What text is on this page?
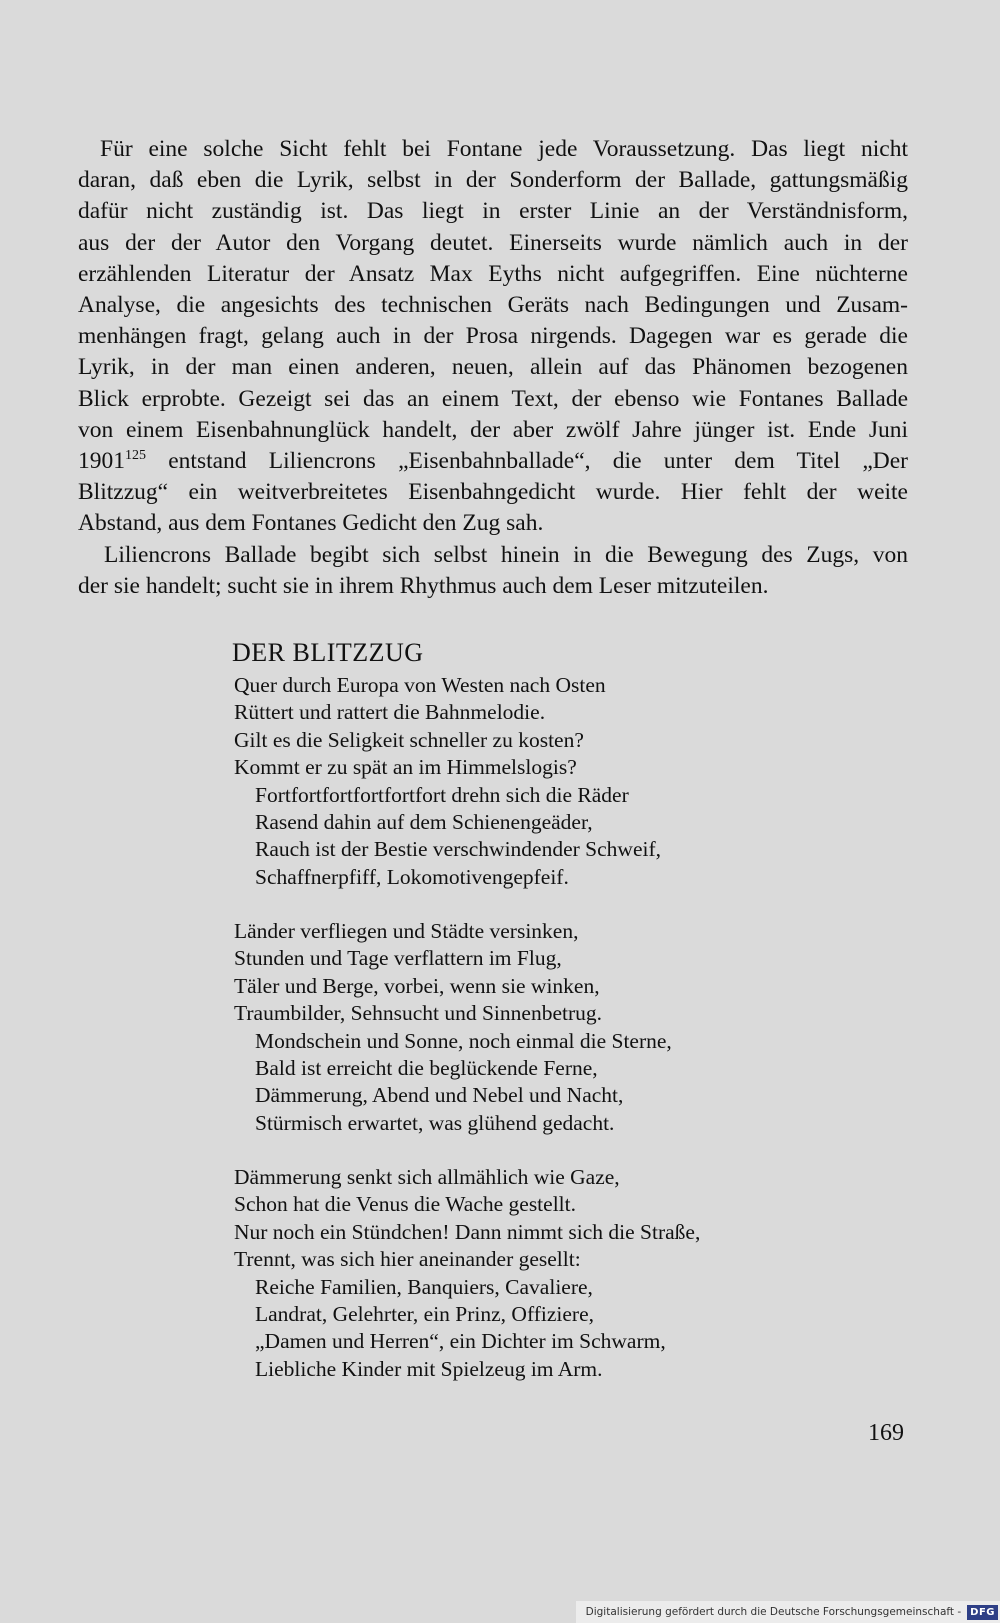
Für eine solche Sicht fehlt bei Fontane jede Voraussetzung. Das liegt nicht

daran, daß eben die Lyrik, selbst in der Sonderform der Ballade, gattungsmäßig

dafür nicht zuständig ist. Das liegt in erster Linie an der Verständnisform,

aus der der Autor den Vorgang deutet. Einerseits wurde nämlich auch in der

erzählenden Literatur der Ansatz Max Eyths nicht aufgegriffen. Eine nüchterne

Analyse, die angesichts des technischen Geräts nach Bedingungen und Zusam-

menhängen fragt, gelang auch in der Prosa nirgends. Dagegen war es gerade die

Lyrik, in der man einen anderen, neuen, allein auf das Phänomen bezogenen

Blick erprobte. Gezeigt sei das an einem Text, der ebenso wie Fontanes Ballade

von einem Eisenbahnunglück handelt, der aber zwölf Jahre jünger ist. Ende Juni

1901$^{125}$ entstand Liliencrons „Eisenbahnballade“, die unter dem Titel „Der

Blitzzug“ ein weitverbreitetes Eisenbahngedicht wurde. Hier fehlt der weite

Abstand, aus dem Fontanes Gedicht den Zug sah.

Liliencrons Ballade begibt sich selbst hinein in die Bewegung des Zugs, von

der sie handelt; sucht sie in ihrem Rhythmus auch dem Leser mitzuteilen.

DER BLITZZUG
Quer durch Europa von Westen nach Osten
Rüttert und rattert die Bahnmelodie.
Gilt es die Seligkeit schneller zu kosten?
Kommt er zu spät an im Himmelslogis?
Fortfortfortfortfortfort drehn sich die Räder
Rasend dahin auf dem Schienengeäder,
Rauch ist der Bestie verschwindender Schweif,
Schaffnerpfiff, Lokomotivengepfeif.
Länder verfliegen und Städte versinken,
Stunden und Tage verflattern im Flug,
Täler und Berge, vorbei, wenn sie winken,
Traumbilder, Sehnsucht und Sinnenbetrug.
Mondschein und Sonne, noch einmal die Sterne,
Bald ist erreicht die beglückende Ferne,
Dämmerung, Abend und Nebel und Nacht,
Stürmisch erwartet, was glühend gedacht.
Dämmerung senkt sich allmählich wie Gaze,
Schon hat die Venus die Wache gestellt.
Nur noch ein Stündchen! Dann nimmt sich die Straße,
Trennt, was sich hier aneinander gesellt:
Reiche Familien, Banquiers, Cavaliere,
Landrat, Gelehrter, ein Prinz, Offiziere,
„Damen und Herren“, ein Dichter im Schwarm,
Liebliche Kinder mit Spielzeug im Arm.
169
Digitalisierung gefördert durch die Deutsche Forschungsgemeinschaft - DFG
